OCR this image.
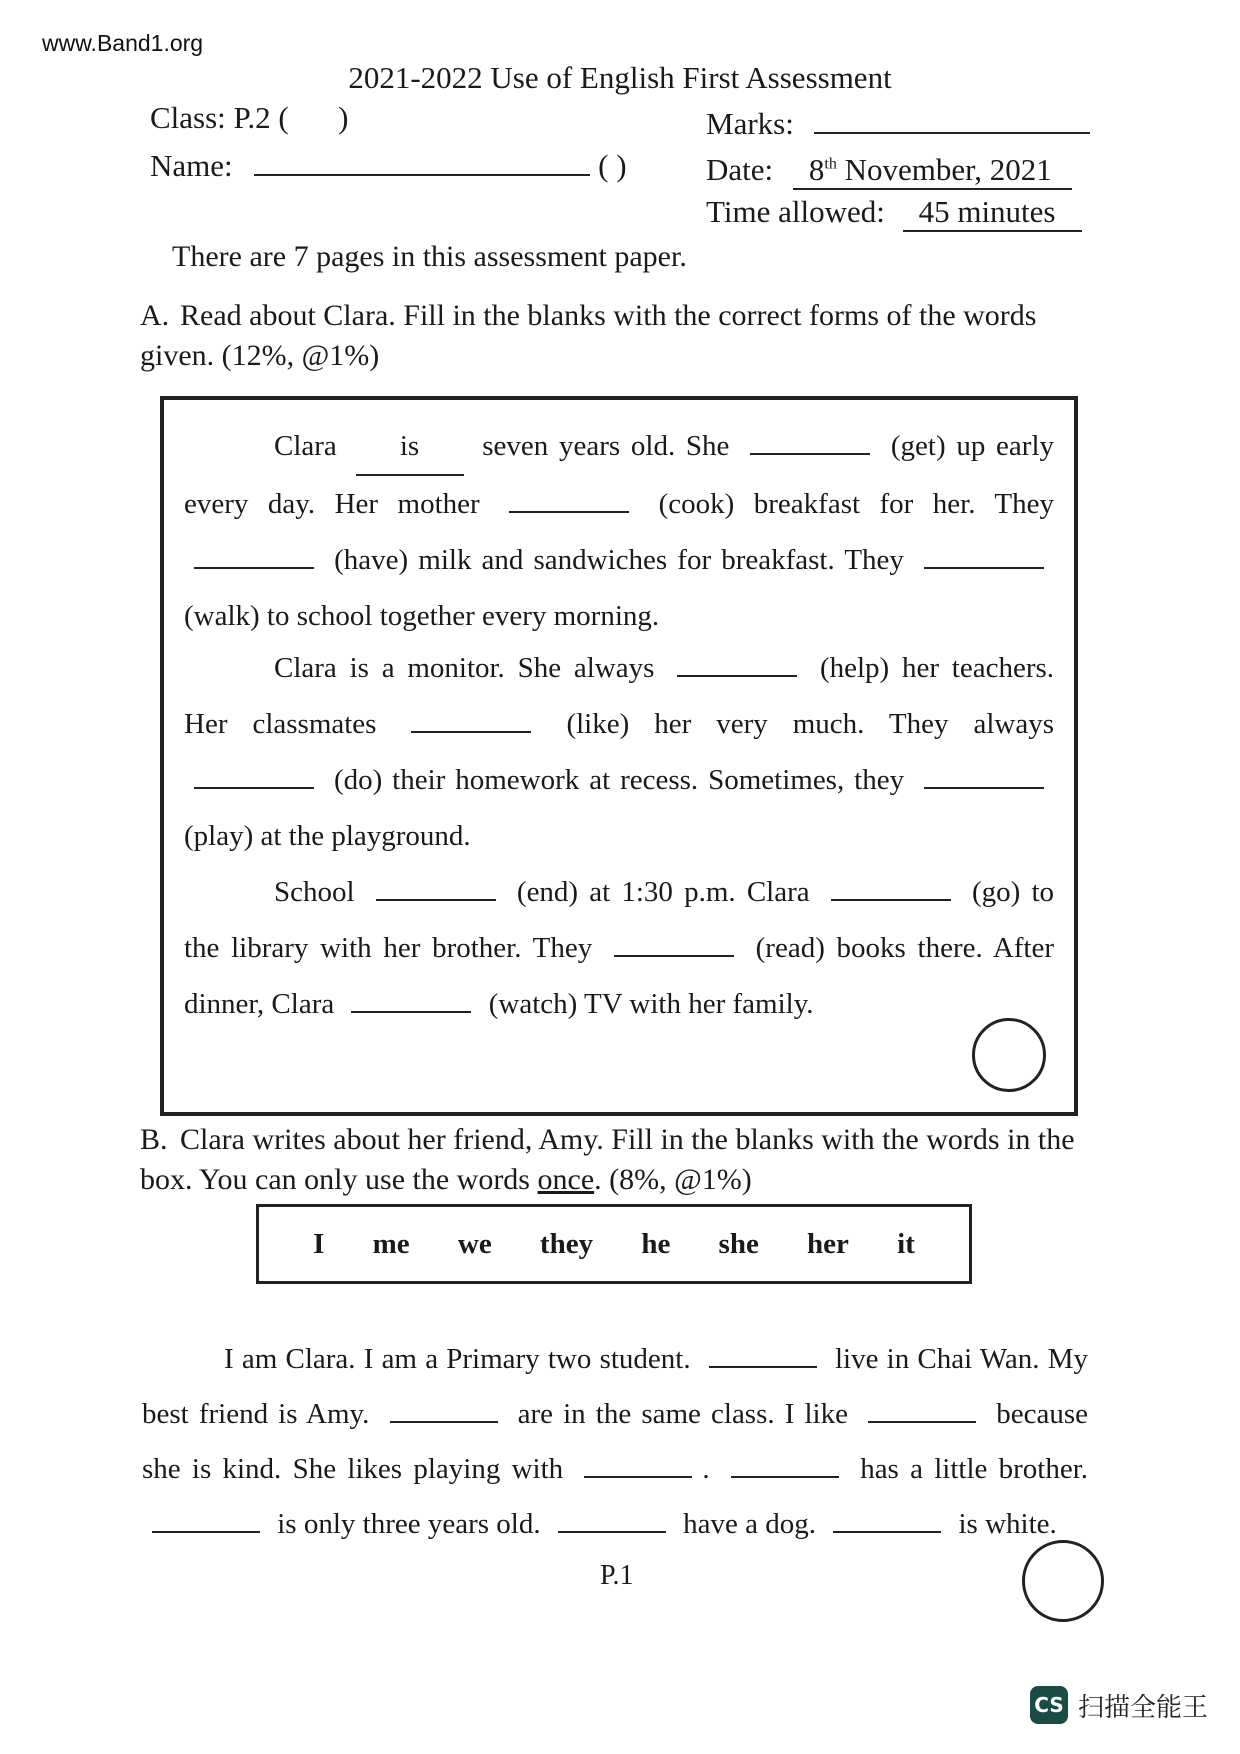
www.Band1.org
2021-2022 Use of English First Assessment
Class: P.2 ( )
Name:	( )
Marks:
Date: 8th November, 2021
Time allowed: 45 minutes
There are 7 pages in this assessment paper.
A. Read about Clara. Fill in the blanks with the correct forms of the words given. (12%, @1%)
Clara is seven years old. She	(get) up early every day. Her mother	(cook) breakfast for her. They  (have) milk and sandwiches for breakfast. They  (walk) to school together every morning.
Clara is a monitor. She always	(help) her teachers. Her classmates	(like) her very much. They always  (do) their homework at recess. Sometimes, they  (play) at the playground.
School	(end) at 1:30 p.m. Clara	(go) to the library with her brother. They	(read) books there. After dinner, Clara	(watch) TV with her family.
B. Clara writes about her friend, Amy. Fill in the blanks with the words in the box. You can only use the words once. (8%, @1%)
I me we they he she her it
I am Clara. I am a Primary two student.	live in Chai Wan. My best friend is Amy.	are in the same class. I like	because she is kind. She likes playing with	.	has a little brother.  is only three years old.	have a dog.	is white.
P.1
CS 扫描全能王
